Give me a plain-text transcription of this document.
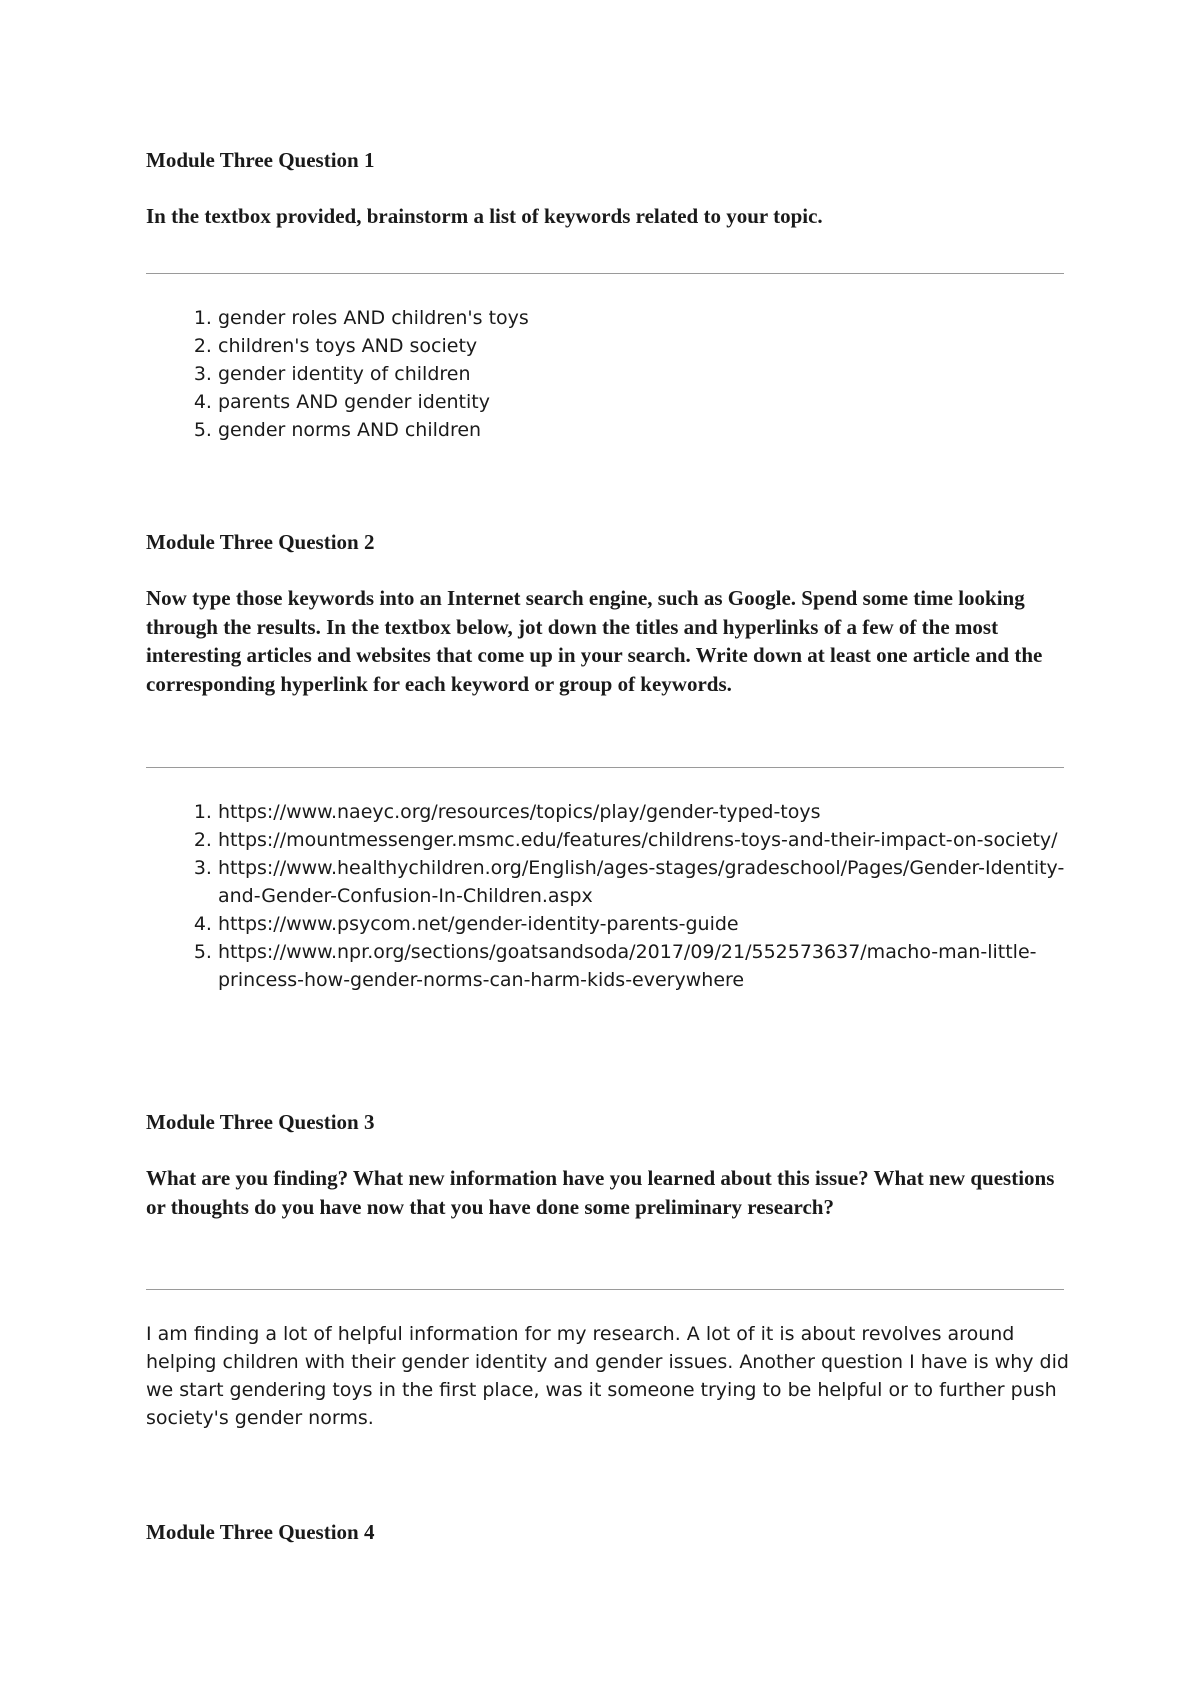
Module Three Question 1

In the textbox provided, brainstorm a list of keywords related to your topic.

1. gender roles AND children's toys
2. children's toys AND society
3. gender identity of children
4. parents AND gender identity
5. gender norms AND children
Module Three Question 2

Now type those keywords into an Internet search engine, such as Google. Spend some time looking through the results. In the textbox below, jot down the titles and hyperlinks of a few of the most interesting articles and websites that come up in your search. Write down at least one article and the corresponding hyperlink for each keyword or group of keywords.

1. https://www.naeyc.org/resources/topics/play/gender-typed-toys
2. https://mountmessenger.msmc.edu/features/childrens-toys-and-their-impact-on-society/
3. https://www.healthychildren.org/English/ages-stages/gradeschool/Pages/Gender-Identity-and-Gender-Confusion-In-Children.aspx
4. https://www.psycom.net/gender-identity-parents-guide
5. https://www.npr.org/sections/goatsandsoda/2017/09/21/552573637/macho-man-little-princess-how-gender-norms-can-harm-kids-everywhere
Module Three Question 3

What are you finding? What new information have you learned about this issue? What new questions or thoughts do you have now that you have done some preliminary research?

I am finding a lot of helpful information for my research. A lot of it is about revolves around helping children with their gender identity and gender issues. Another question I have is why did we start gendering toys in the first place, was it someone trying to be helpful or to further push society's gender norms.

Module Three Question 4
